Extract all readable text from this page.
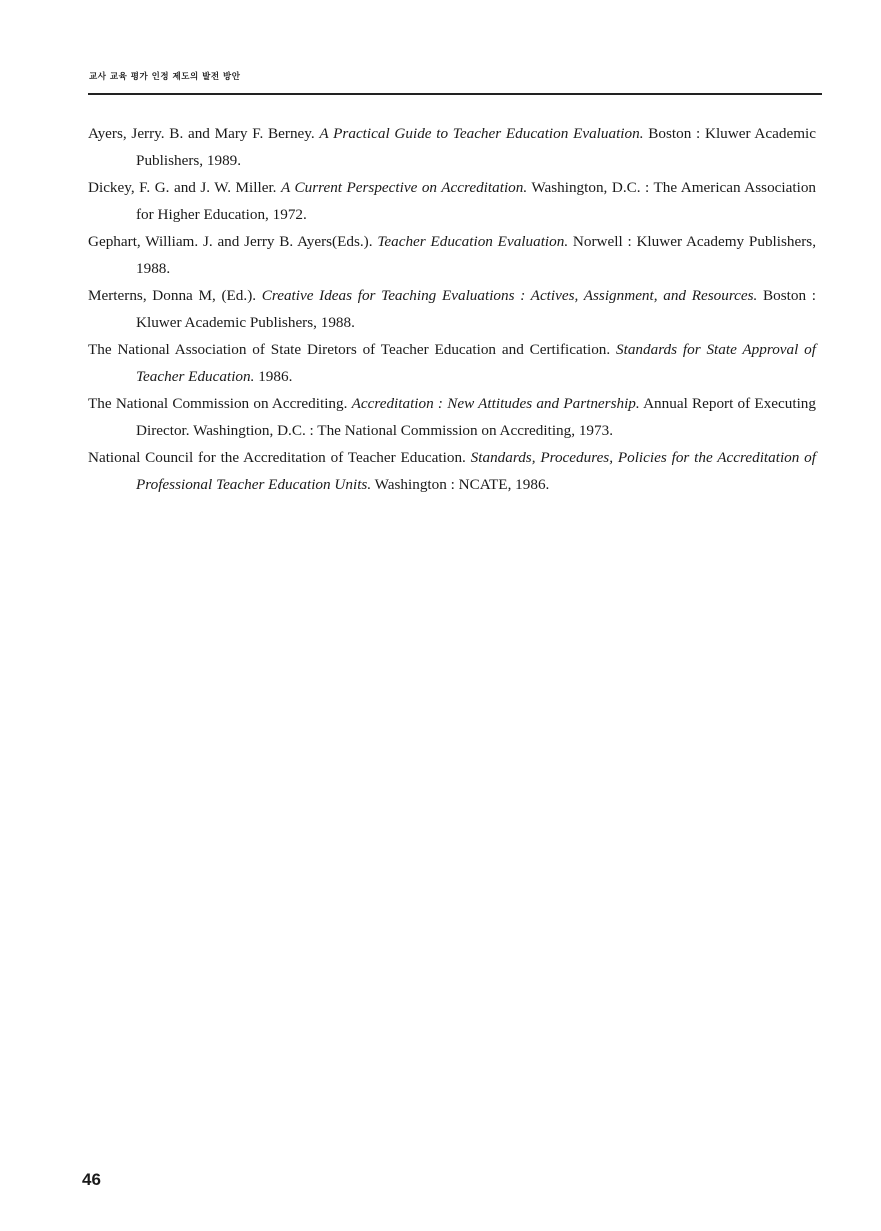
교사 교육 평가 인정 제도의 발전 방안
Ayers, Jerry. B. and Mary F. Berney. A Practical Guide to Teacher Education Evaluation. Boston : Kluwer Academic Publishers, 1989.
Dickey, F. G. and J. W. Miller. A Current Perspective on Accreditation. Washington, D.C. : The American Association for Higher Education, 1972.
Gephart, William. J. and Jerry B. Ayers(Eds.). Teacher Education Evaluation. Norwell : Kluwer Academy Publishers, 1988.
Merterns, Donna M, (Ed.). Creative Ideas for Teaching Evaluations : Actives, Assignment, and Resources. Boston : Kluwer Academic Publishers, 1988.
The National Association of State Diretors of Teacher Education and Certification. Standards for State Approval of Teacher Education. 1986.
The National Commission on Accrediting. Accreditation : New Attitudes and Partnership. Annual Report of Executing Director. Washingtion, D.C. : The National Commission on Accrediting, 1973.
National Council for the Accreditation of Teacher Education. Standards, Procedures, Policies for the Accreditation of Professional Teacher Education Units. Washington : NCATE, 1986.
46
